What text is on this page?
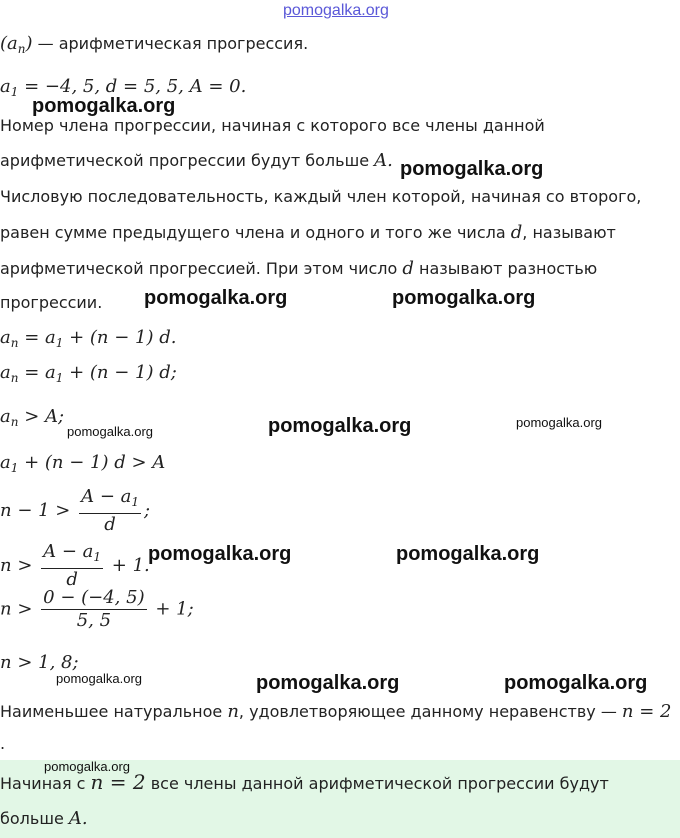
pomogalka.org
pomogalka.org
pomogalka.org
pomogalka.org	pomogalka.org
pomogalka.org	pomogalka.org	pomogalka.org
pomogalka.org	pomogalka.org
pomogalka.org	pomogalka.org	pomogalka.org
pomogalka.org
$(a_n)$ — арифметическая прогрессия.
$a_1 = -4$, 5, d = 5, 5, A = 0.
Номер члена прогрессии, начиная с которого все члены данной
арифметической прогрессии будут больше A.
Числовую последовательность, каждый член которой, начиная со второго,
равен сумме предыдущего члена и одного и того же числа d, называют
арифметической прогрессией. При этом число d называют разностью
прогрессии.
$a_n = a_1 + (n - 1)$ d.
$a_n = a_1 + (n - 1)$ d;
$a_n > A$;
$a_1 + (n - 1) d > A$
$n - 1 > \frac{A - a_1}{d}$ ;
$n > \frac{A - a_1}{d} + 1$.
$n > \frac{0 - (-4, 5)}{5, 5} + 1$;
n > 1, 8;
Наименьшее натуральное n, удовлетворяющее данному неравенству — n = 2
.
Начиная с n = 2 все члены данной арифметической прогрессии будут
больше A.
